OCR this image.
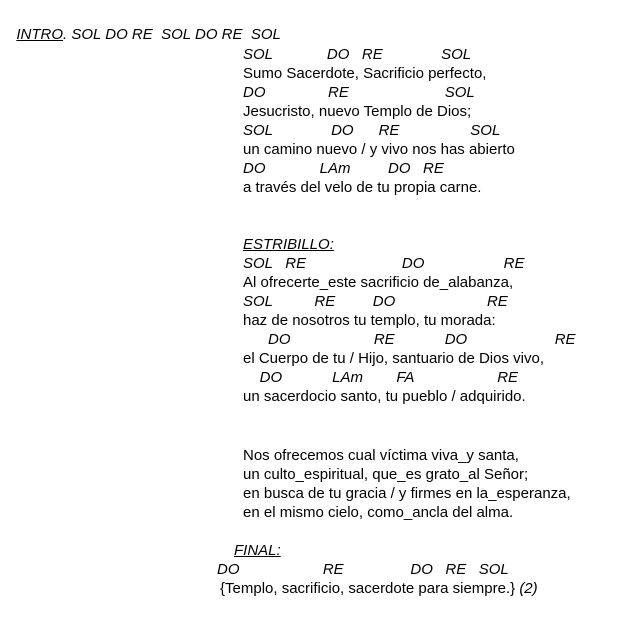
INTRO. SOL DO RE  SOL DO RE  SOL

SOL             DO   RE              SOL
Sumo Sacerdote, Sacrificio perfecto,
DO               RE                       SOL
Jesucristo, nuevo Templo de Dios;
SOL              DO      RE                 SOL
un camino nuevo / y vivo nos has abierto
DO             LAm         DO   RE
a través del velo de tu propia carne.
ESTRIBILLO:
SOL   RE                       DO                   RE
Al ofrecerte_este sacrificio de_alabanza,
SOL          RE         DO                      RE
haz de nosotros tu templo, tu morada:
DO                    RE            DO                     RE
el Cuerpo de tu / Hijo, santuario de Dios vivo,
DO            LAm        FA                    RE
un sacerdocio santo, tu pueblo / adquirido.
Nos ofrecemos cual víctima viva_y santa,
un culto_espiritual, que_es grato_al Señor;
en busca de tu gracia / y firmes en la_esperanza,
en el mismo cielo, como_ancla del alma.
FINAL:
DO                    RE                DO   RE   SOL
{Templo, sacrificio, sacerdote para siempre.} (2)
